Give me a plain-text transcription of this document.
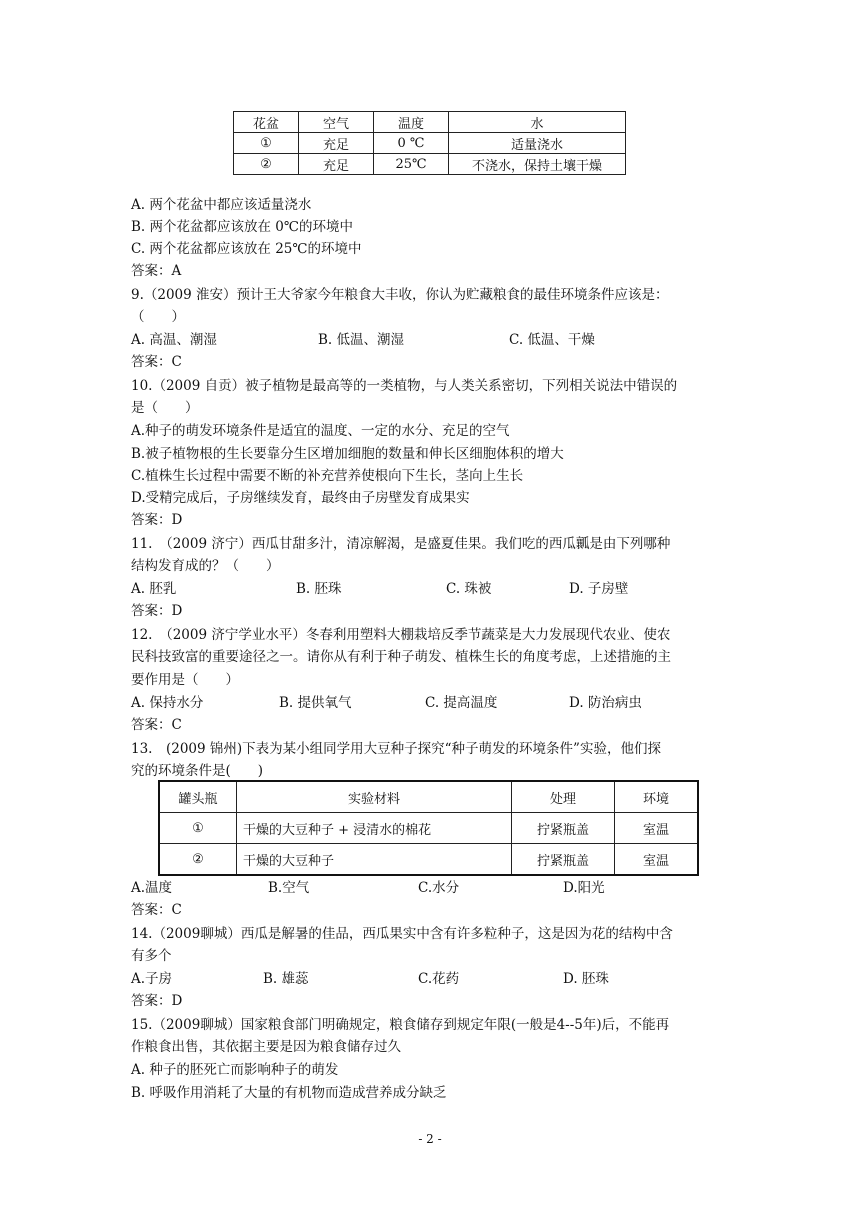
花盆	空气	温度	水
①	充足	0 ℃	适量浇水
②	充足	25℃	不浇水，保持土壤干燥
A. 两个花盆中都应该适量浇水
B. 两个花盆都应该放在 0℃的环境中
C. 两个花盆都应该放在 25℃的环境中
答案：A
9.（2009 淮安）预计王大爷家今年粮食大丰收，你认为贮藏粮食的最佳环境条件应该是：
（　　）
A. 高温、潮湿	B. 低温、潮湿	C. 低温、干燥
答案：C
10.（2009 自贡）被子植物是最高等的一类植物，与人类关系密切，下列相关说法中错误的
是（　　）
A.种子的萌发环境条件是适宜的温度、一定的水分、充足的空气
B.被子植物根的生长要靠分生区增加细胞的数量和伸长区细胞体积的增大
C.植株生长过程中需要不断的补充营养使根向下生长，茎向上生长
D.受精完成后，子房继续发育，最终由子房壁发育成果实
答案：D
11.　（2009 济宁）西瓜甘甜多汁，清凉解渴，是盛夏佳果。我们吃的西瓜瓤是由下列哪种
结构发育成的？（　　）
A. 胚乳	B. 胚珠	C. 珠被	D. 子房壁
答案：D
12.　（2009 济宁学业水平）冬春利用塑料大棚栽培反季节蔬菜是大力发展现代农业、使农
民科技致富的重要途径之一。请你从有利于种子萌发、植株生长的角度考虑，上述措施的主
要作用是（　　）
A. 保持水分	B. 提供氧气	C. 提高温度	D. 防治病虫
答案：C
13.　(2009 锦州)下表为某小组同学用大豆种子探究“种子萌发的环境条件”实验，他们探
究的环境条件是(　　)
罐头瓶	实验材料	处理	环境
①	干燥的大豆种子 + 浸清水的棉花	拧紧瓶盖	室温
②	干燥的大豆种子	拧紧瓶盖	室温
A.温度	B.空气	C.水分	D.阳光
答案：C
14.（2009聊城）西瓜是解暑的佳品，西瓜果实中含有许多粒种子，这是因为花的结构中含
有多个
A.子房	B. 雄蕊	C.花药	D. 胚珠
答案：D
15.（2009聊城）国家粮食部门明确规定，粮食储存到规定年限(一般是4--5年)后，不能再
作粮食出售，其依据主要是因为粮食储存过久
A. 种子的胚死亡而影响种子的萌发
B. 呼吸作用消耗了大量的有机物而造成营养成分缺乏
- 2 -
